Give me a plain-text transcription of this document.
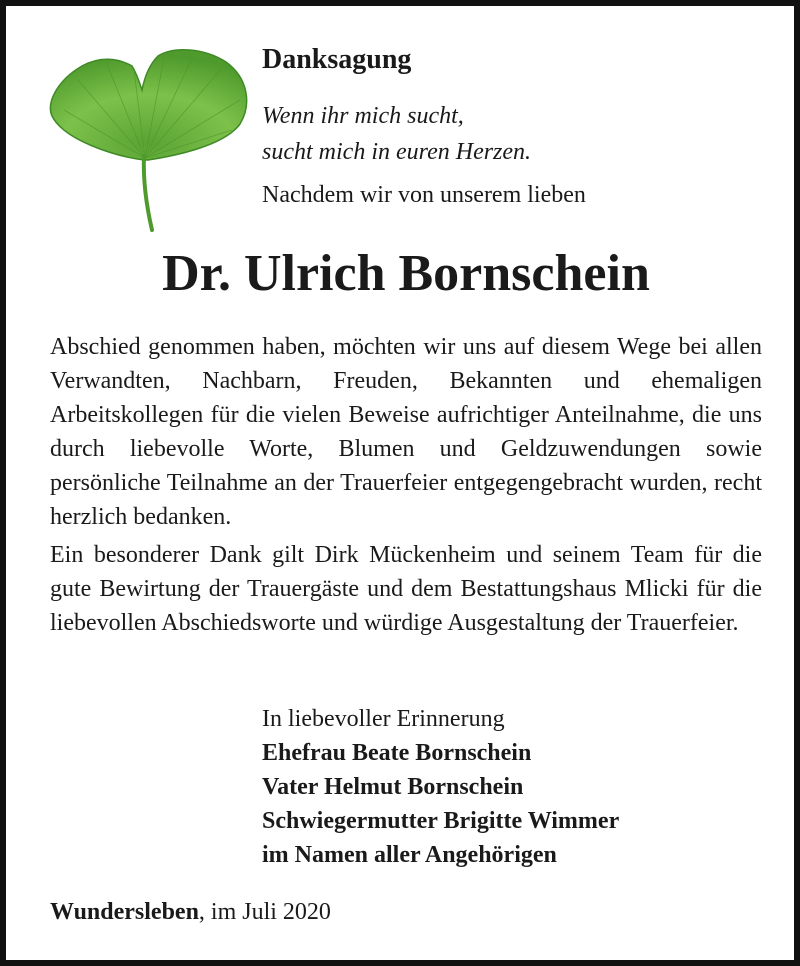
Danksagung
Wenn ihr mich sucht,
sucht mich in euren Herzen.
Nachdem wir von unserem lieben
Dr. Ulrich Bornschein

Abschied genommen haben, möchten wir uns auf diesem Wege bei allen Verwandten, Nachbarn, Freuden, Bekannten und ehemaligen Arbeitskollegen für die vielen Beweise aufrichtiger Anteilnahme, die uns durch liebevolle Worte, Blumen und Geldzuwendungen sowie persönliche Teilnahme an der Trauerfeier entgegengebracht wurden, recht herzlich bedanken.

Ein besonderer Dank gilt Dirk Mückenheim und seinem Team für die gute Bewirtung der Trauergäste und dem Bestattungshaus Mlicki für die liebevollen Abschiedsworte und würdige Ausgestaltung der Trauerfeier.

In liebevoller Erinnerung
Ehefrau Beate Bornschein
Vater Helmut Bornschein
Schwiegermutter Brigitte Wimmer
im Namen aller Angehörigen
Wundersleben, im Juli 2020
